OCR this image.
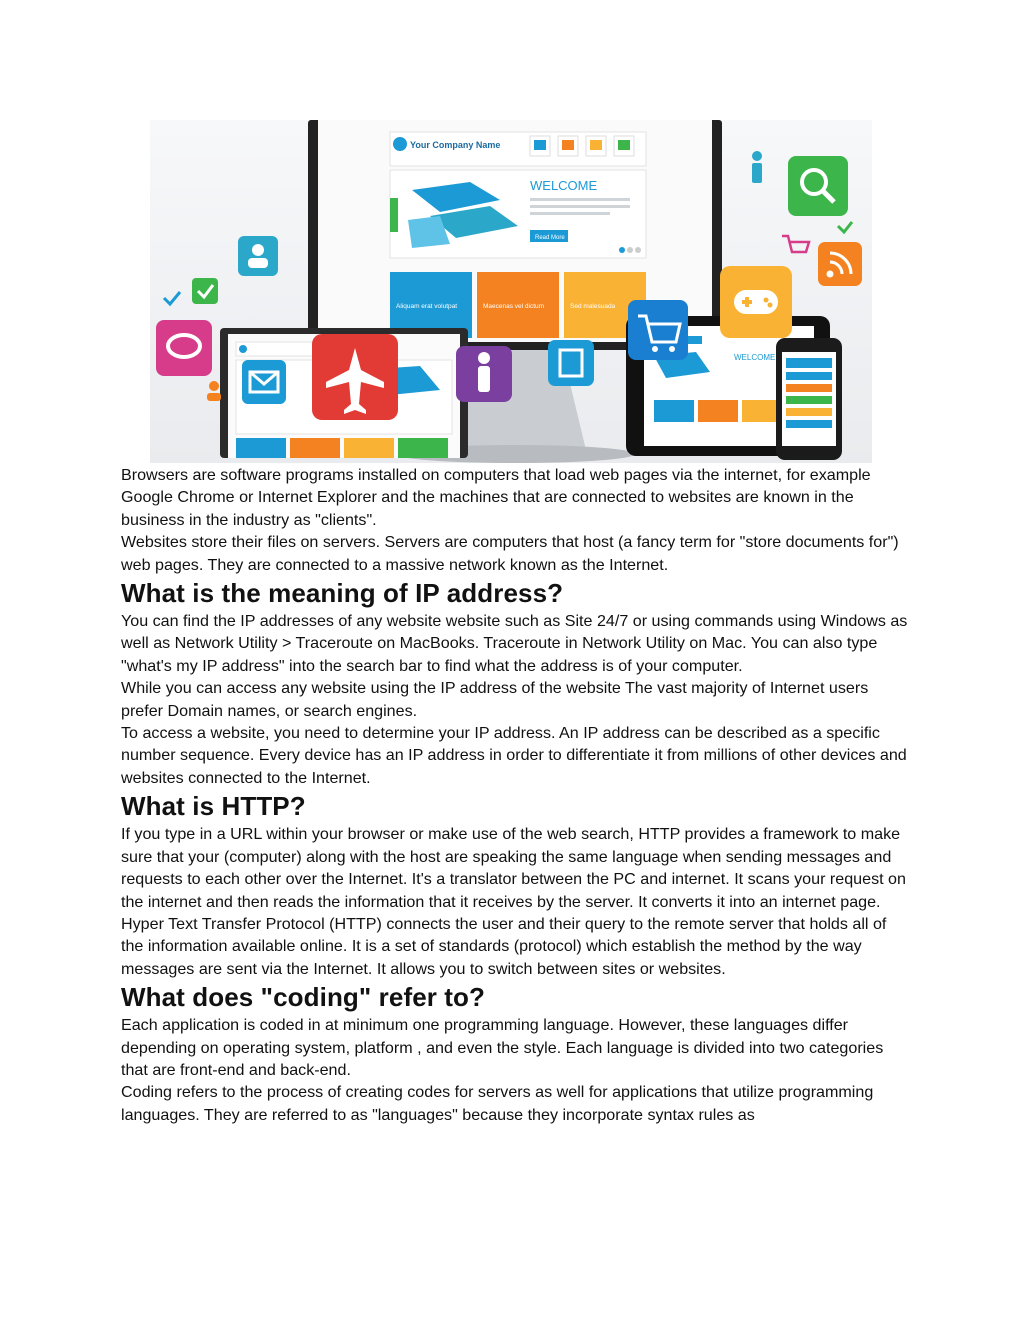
Your Company Name
WELCOME
Read More
Aliquam erat volutpat	Maecenas vel dictum	Sed malesuada
WELCOME

Browsers are software programs installed on computers that load web pages via the internet, for example Google Chrome or Internet Explorer and the machines that are connected to websites are known in the business in the industry as "clients".

Websites store their files on servers. Servers are computers that host (a fancy term for "store documents for") web pages. They are connected to a massive network known as the Internet.

What is the meaning of IP address?

You can find the IP addresses of any website website such as Site 24/7 or using commands using Windows as well as Network Utility > Traceroute on MacBooks. Traceroute in Network Utility on Mac. You can also type "what's my IP address" into the search bar to find what the address is of your computer.

While you can access any website using the IP address of the website The vast majority of Internet users prefer Domain names, or search engines.

To access a website, you need to determine your IP address. An IP address can be described as a specific number sequence. Every device has an IP address in order to differentiate it from millions of other devices and websites connected to the Internet.

What is HTTP?

If you type in a URL within your browser or make use of the web search, HTTP provides a framework to make sure that your (computer) along with the host are speaking the same language when sending messages and requests to each other over the Internet. It's a translator between the PC and internet. It scans your request on the internet and then reads the information that it receives by the server. It converts it into an internet page.

Hyper Text Transfer Protocol (HTTP) connects the user and their query to the remote server that holds all of the information available online. It is a set of standards (protocol) which establish the method by the way messages are sent via the Internet. It allows you to switch between sites or websites.

What does "coding" refer to?

Each application is coded in at minimum one programming language. However, these languages differ depending on operating system, platform , and even the style. Each language is divided into two categories that are front-end and back-end.

Coding refers to the process of creating codes for servers as well for applications that utilize programming languages. They are referred to as "languages" because they incorporate syntax rules as
